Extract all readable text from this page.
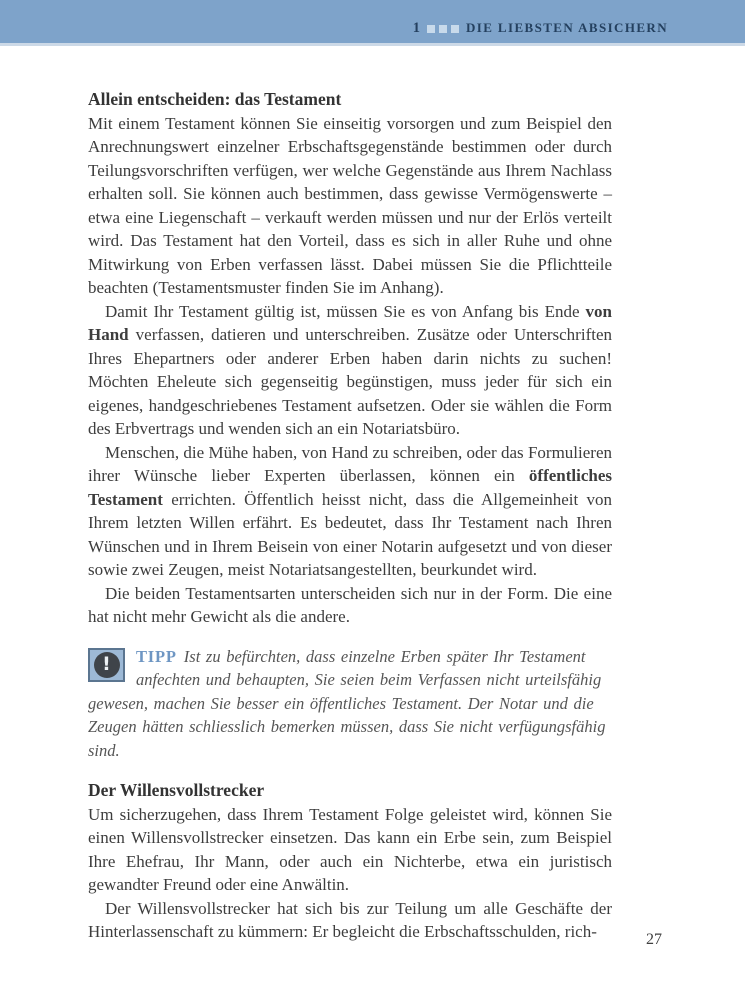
1	DIE LIEBSTEN ABSICHERN
Allein entscheiden: das Testament

Mit einem Testament können Sie einseitig vorsorgen und zum Beispiel den Anrechnungswert einzelner Erbschaftsgegenstände bestimmen oder durch Teilungsvorschriften verfügen, wer welche Gegenstände aus Ihrem Nachlass erhalten soll. Sie können auch bestimmen, dass gewisse Vermögenswerte – etwa eine Liegenschaft – verkauft werden müssen und nur der Erlös verteilt wird. Das Testament hat den Vorteil, dass es sich in aller Ruhe und ohne Mitwirkung von Erben verfassen lässt. Dabei müssen Sie die Pflichtteile beachten (Testamentsmuster finden Sie im Anhang).

Damit Ihr Testament gültig ist, müssen Sie es von Anfang bis Ende von Hand verfassen, datieren und unterschreiben. Zusätze oder Unterschriften Ihres Ehepartners oder anderer Erben haben darin nichts zu suchen! Möchten Eheleute sich gegenseitig begünstigen, muss jeder für sich ein eigenes, handgeschriebenes Testament aufsetzen. Oder sie wählen die Form des Erbvertrags und wenden sich an ein Notariatsbüro.

Menschen, die Mühe haben, von Hand zu schreiben, oder das Formulieren ihrer Wünsche lieber Experten überlassen, können ein öffentliches Testament errichten. Öffentlich heisst nicht, dass die Allgemeinheit von Ihrem letzten Willen erfährt. Es bedeutet, dass Ihr Testament nach Ihren Wünschen und in Ihrem Beisein von einer Notarin aufgesetzt und von dieser sowie zwei Zeugen, meist Notariatsangestellten, beurkundet wird.

Die beiden Testamentsarten unterscheiden sich nur in der Form. Die eine hat nicht mehr Gewicht als die andere.

! TIPP Ist zu befürchten, dass einzelne Erben später Ihr Testament anfechten und behaupten, Sie seien beim Verfassen nicht urteilsfähig gewesen, machen Sie besser ein öffentliches Testament. Der Notar und die Zeugen hätten schliesslich bemerken müssen, dass Sie nicht verfügungsfähig sind.
Der Willensvollstrecker

Um sicherzugehen, dass Ihrem Testament Folge geleistet wird, können Sie einen Willensvollstrecker einsetzen. Das kann ein Erbe sein, zum Beispiel Ihre Ehefrau, Ihr Mann, oder auch ein Nichterbe, etwa ein juristisch gewandter Freund oder eine Anwältin.

Der Willensvollstrecker hat sich bis zur Teilung um alle Geschäfte der Hinterlassenschaft zu kümmern: Er begleicht die Erbschaftsschulden, rich-	27
